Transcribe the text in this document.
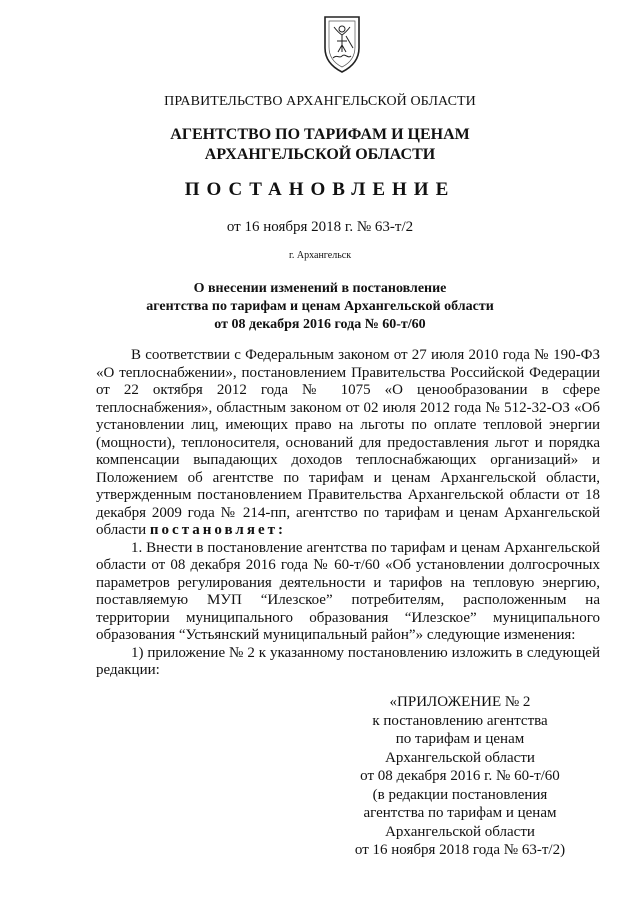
ПРАВИТЕЛЬСТВО АРХАНГЕЛЬСКОЙ ОБЛАСТИ
АГЕНТСТВО ПО ТАРИФАМ И ЦЕНАМ
АРХАНГЕЛЬСКОЙ ОБЛАСТИ
ПОСТАНОВЛЕНИЕ
от 16 ноября 2018 г. № 63-т/2
г. Архангельск
О внесении изменений в постановление
агентства по тарифам и ценам Архангельской области
от 08 декабря 2016 года № 60-т/60

В соответствии с Федеральным законом от 27 июля 2010 года № 190-ФЗ «О теплоснабжении», постановлением Правительства Российской Федерации от 22 октября 2012 года № 1075 «О ценообразовании в сфере теплоснабжения», областным законом от 02 июля 2012 года № 512-32-ОЗ «Об установлении лиц, имеющих право на льготы по оплате тепловой энергии (мощности), теплоносителя, оснований для предоставления льгот и порядка компенсации выпадающих доходов теплоснабжающих организаций» и Положением об агентстве по тарифам и ценам Архангельской области, утвержденным постановлением Правительства Архангельской области от 18 декабря 2009 года № 214-пп, агентство по тарифам и ценам Архангельской области постановляет:

1. Внести в постановление агентства по тарифам и ценам Архангельской области от 08 декабря 2016 года № 60-т/60 «Об установлении долгосрочных параметров регулирования деятельности и тарифов на тепловую энергию, поставляемую МУП “Илезское” потребителям, расположенным на территории муниципального образования “Илезское” муниципального образования “Устьянский муниципальный район”» следующие изменения:

1) приложение № 2 к указанному постановлению изложить в следующей редакции:

«ПРИЛОЖЕНИЕ № 2
к постановлению агентства
по тарифам и ценам
Архангельской области
от 08 декабря 2016 г. № 60-т/60
(в редакции постановления
агентства по тарифам и ценам
Архангельской области
от 16 ноября 2018 года № 63-т/2)
